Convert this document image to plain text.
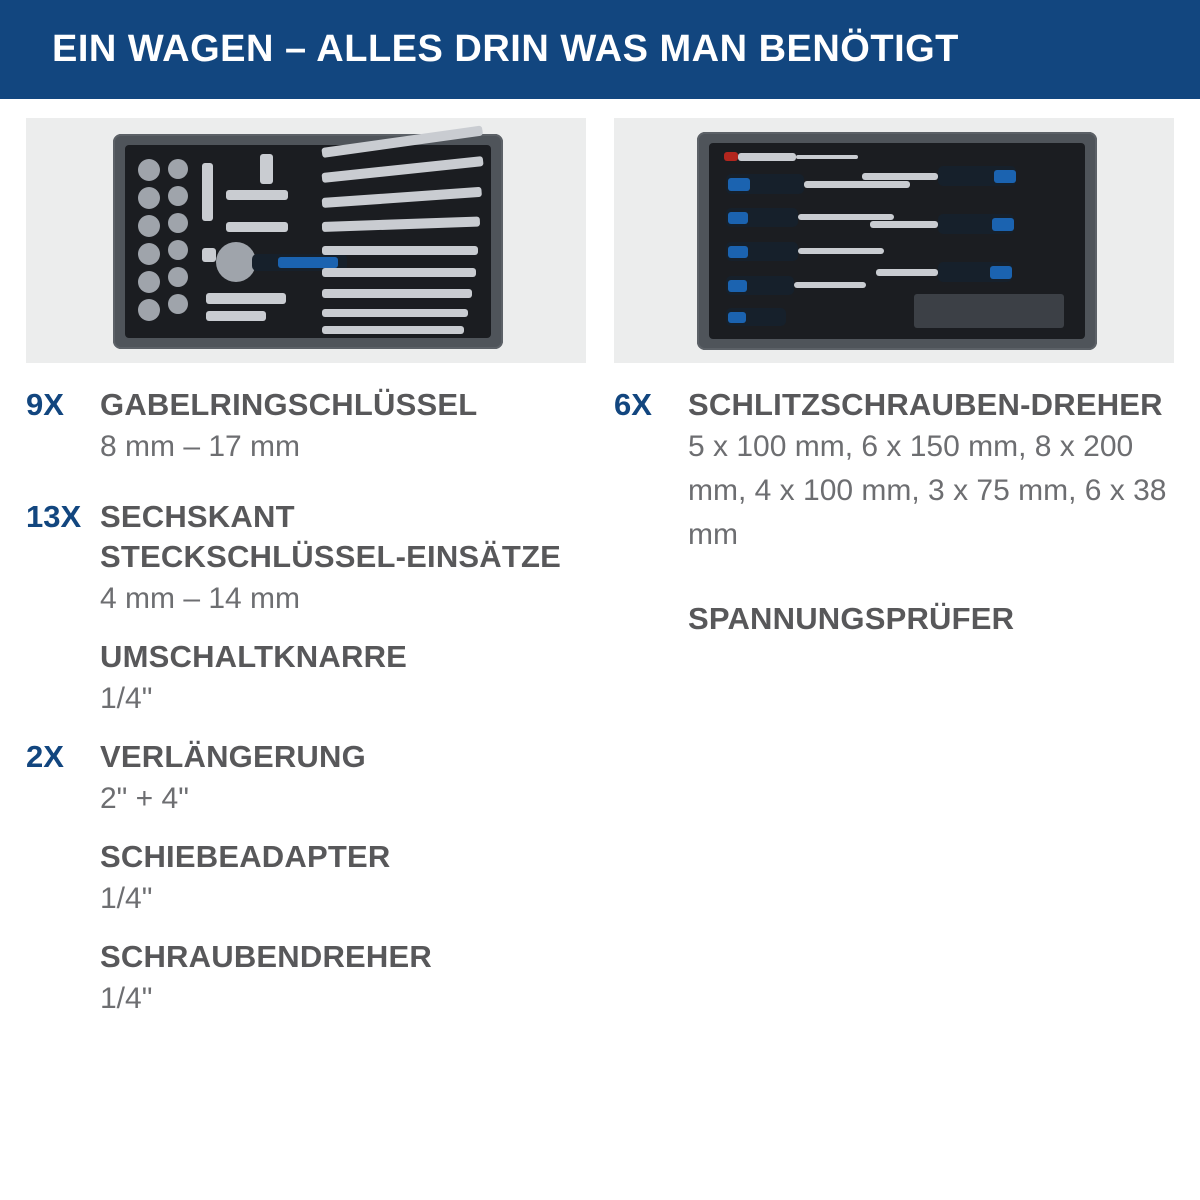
EIN WAGEN – ALLES DRIN WAS MAN BENÖTIGT
9X	GABELRINGSCHLÜSSEL
8 mm – 17 mm
13X SECHSKANT STECKSCHLÜSSEL-EINSÄTZE
4 mm – 14 mm
UMSCHALTKNARRE
1/4"
2X	VERLÄNGERUNG
2" + 4"
SCHIEBEADAPTER
1/4"
SCHRAUBENDREHER
1/4"
6X	SCHLITZSCHRAUBEN-DREHER
5 x 100 mm, 6 x 150 mm, 8 x 200 mm, 4 x 100 mm, 3 x 75 mm, 6 x 38 mm
SPANNUNGSPRÜFER
